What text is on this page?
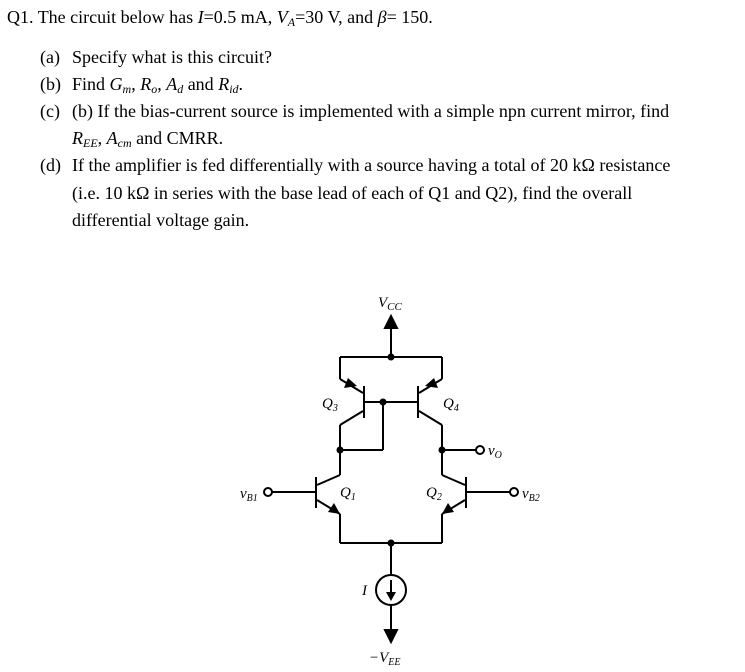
Q1. The circuit below has I=0.5 mA, $V_A=30$ V, and β= 150.
(a) Specify what is this circuit?
(b) Find $G_m$, $R_o$, $A_d$ and $R_{id}$.
(c) (b) If the bias-current source is implemented with a simple npn current mirror, find
$R_{EE}$, $A_{cm}$ and CMRR.
(d) If the amplifier is fed differentially with a source having a total of 20 kΩ resistance
(i.e. 10 kΩ in series with the base lead of each of Q1 and Q2), find the overall
differential voltage gain.
$V_{CC}$
$Q_3$	$Q_4$
$Q_1$	$Q_2$
$v_{B1}$	$v_{B2}$
$v_O$
I
$-V_{EE}$
